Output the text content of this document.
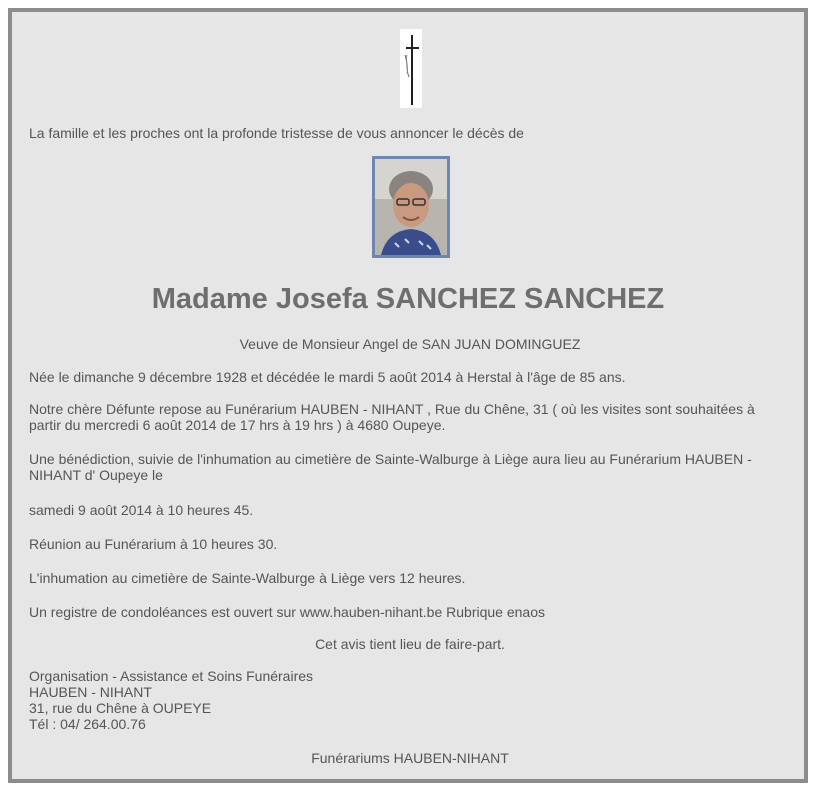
La famille et les proches ont la profonde tristesse de vous annoncer le décès de
Madame Josefa SANCHEZ SANCHEZ
Veuve de Monsieur Angel de SAN JUAN DOMINGUEZ
Née le dimanche 9 décembre 1928 et décédée le mardi 5 août 2014 à Herstal à l'âge de 85 ans.
Notre chère Défunte repose au Funérarium HAUBEN - NIHANT , Rue du Chêne, 31 ( où les visites sont souhaitées à partir du mercredi 6 août 2014 de 17 hrs à 19 hrs ) à 4680 Oupeye.
Une bénédiction, suivie de l'inhumation au cimetière de Sainte-Walburge à Liège aura lieu au Funérarium HAUBEN - NIHANT d' Oupeye le
samedi 9 août 2014 à 10 heures 45.
Réunion au Funérarium à 10 heures 30.
L'inhumation au cimetière de Sainte-Walburge à Liège vers 12 heures.
Un registre de condoléances est ouvert sur www.hauben-nihant.be Rubrique enaos
Cet avis tient lieu de faire-part.
Organisation - Assistance et Soins Funéraires
HAUBEN - NIHANT
31, rue du Chêne à OUPEYE
Tél : 04/ 264.00.76
Funérariums HAUBEN-NIHANT
